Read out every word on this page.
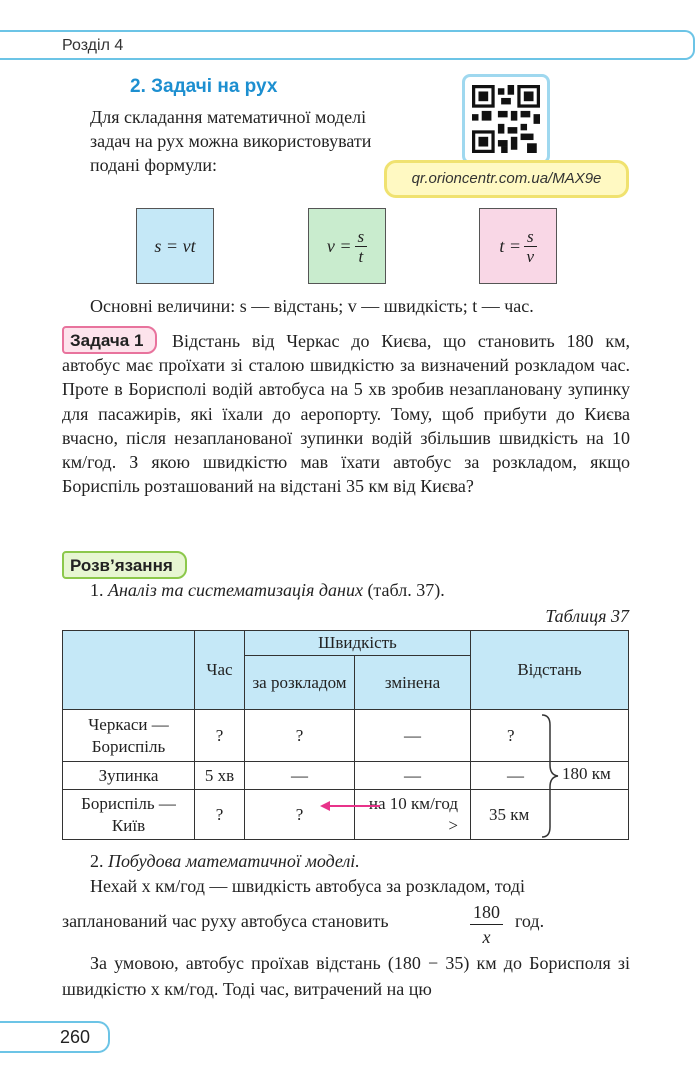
Розділ 4
2. Задачі на рух
Для складання математичної моделі задач на рух можна використовувати подані формули:
qr.orioncentr.com.ua/MAX9e
s = vt	$v = \frac{s}{t}$	$t = \frac{s}{v}$
Основні величини: s — відстань; v — швидкість; t — час.
Відстань від Черкас до Києва, що становить 180 км, автобус має проїхати зі сталою швидкістю за визначений розкладом час. Проте в Борисполі водій автобуса на 5 хв зробив незаплановану зупинку для пасажирів, які їхали до аеропорту. Тому, щоб прибути до Києва вчасно, після незапланованої зупинки водій збільшив швидкість на 10 км/год. З якою швидкістю мав їхати автобус за розкладом, якщо Бориспіль розташований на відстані 35 км від Києва?
Задача 1
Розв’язання
1. Аналіз та систематизація даних (табл. 37).
Таблиця 37
	Час	Швидкість		Відстань
		за розкладом	змінена	
Черкаси — Бориспіль	?	?	—	?
Зупинка	5 хв	—	—	—
Бориспіль — Київ	?	?	на 10 км/год >	35 км
180 км
2. Побудова математичної моделі.
Нехай x км/год — швидкість автобуса за розкладом, тоді
запланований час руху автобуса становить	$\frac{180}{x}$ год.
За умовою, автобус проїхав відстань (180 − 35) км до Борисполя зі швидкістю x км/год. Тоді час, витрачений на цю
260
